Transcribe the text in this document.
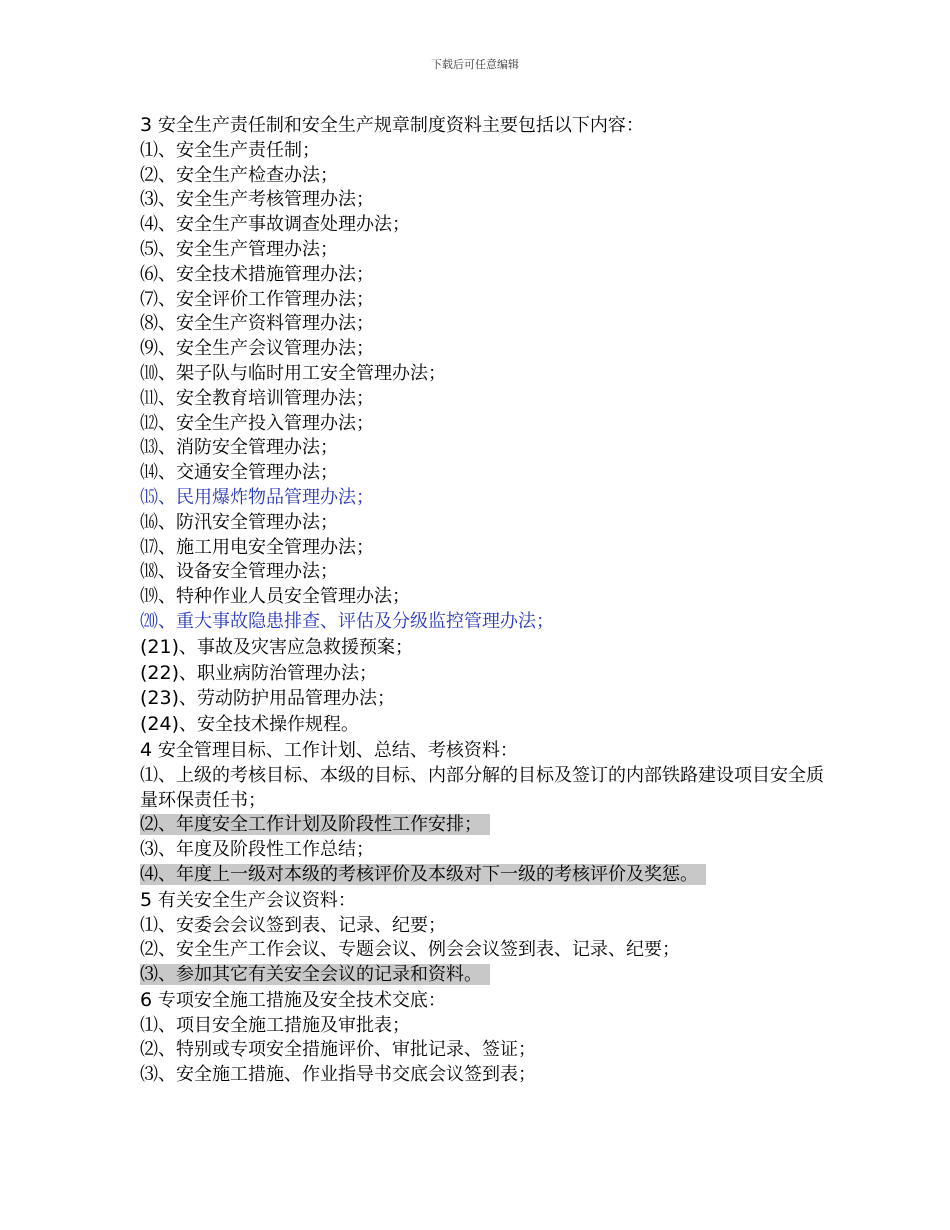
下载后可任意编辑
3 安全生产责任制和安全生产规章制度资料主要包括以下内容：
⑴、安全生产责任制；
⑵、安全生产检查办法；
⑶、安全生产考核管理办法；
⑷、安全生产事故调查处理办法；
⑸、安全生产管理办法；
⑹、安全技术措施管理办法；
⑺、安全评价工作管理办法；
⑻、安全生产资料管理办法；
⑼、安全生产会议管理办法；
⑽、架子队与临时用工安全管理办法；
⑾、安全教育培训管理办法；
⑿、安全生产投入管理办法；
⒀、消防安全管理办法；
⒁、交通安全管理办法；
⒂、民用爆炸物品管理办法；
⒃、防汛安全管理办法；
⒄、施工用电安全管理办法；
⒅、设备安全管理办法；
⒆、特种作业人员安全管理办法；
⒇、重大事故隐患排查、评估及分级监控管理办法；
(21)、事故及灾害应急救援预案；
(22)、职业病防治管理办法；
(23)、劳动防护用品管理办法；
(24)、安全技术操作规程。
4 安全管理目标、工作计划、总结、考核资料：
⑴、上级的考核目标、本级的目标、内部分解的目标及签订的内部铁路建设项目安全质量环保责任书；
⑵、年度安全工作计划及阶段性工作安排；
⑶、年度及阶段性工作总结；
⑷、年度上一级对本级的考核评价及本级对下一级的考核评价及奖惩。
5 有关安全生产会议资料：
⑴、安委会会议签到表、记录、纪要；
⑵、安全生产工作会议、专题会议、例会会议签到表、记录、纪要；
⑶、参加其它有关安全会议的记录和资料。
6 专项安全施工措施及安全技术交底：
⑴、项目安全施工措施及审批表；
⑵、特别或专项安全措施评价、审批记录、签证；
⑶、安全施工措施、作业指导书交底会议签到表；
